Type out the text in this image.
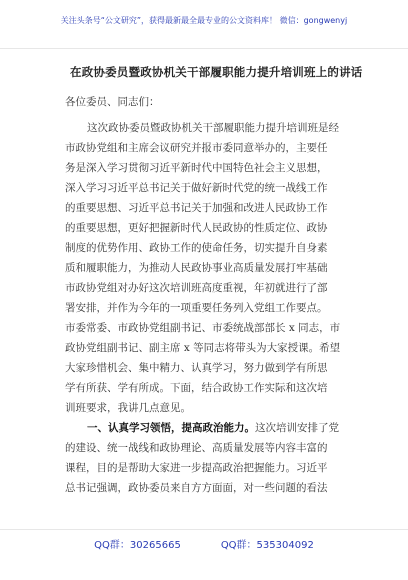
关注头条号“公文研究”，获得最新最全最专业的公文资料库！ 微信：gongwenyj
在政协委员暨政协机关干部履职能力提升培训班上的讲话
各位委员、同志们：
这次政协委员暨政协机关干部履职能力提升培训班是经
市政协党组和主席会议研究并报市委同意举办的，主要任
务是深入学习贯彻习近平新时代中国特色社会主义思想，
深入学习习近平总书记关于做好新时代党的统一战线工作
的重要思想、习近平总书记关于加强和改进人民政协工作
的重要思想，更好把握新时代人民政协的性质定位、政协
制度的优势作用、政协工作的使命任务，切实提升自身素
质和履职能力，为推动人民政协事业高质量发展打牢基础
市政协党组对办好这次培训班高度重视，年初就进行了部
署安排，并作为今年的一项重要任务列入党组工作要点。
市委常委、市政协党组副书记、市委统战部部长 x 同志，市
政协党组副书记、副主席 x 等同志将带头为大家授课。希望
大家珍惜机会、集中精力、认真学习，努力做到学有所思
学有所获、学有所成。下面，结合政协工作实际和这次培
训班要求，我讲几点意见。
一、认真学习领悟，提高政治能力。这次培训安排了党
的建设、统一战线和政协理论、高质量发展等内容丰富的
课程，目的是帮助大家进一步提高政治把握能力。习近平
总书记强调，政协委员来自方方面面，对一些问题的看法
QQ群：30265665	QQ群：535304092
